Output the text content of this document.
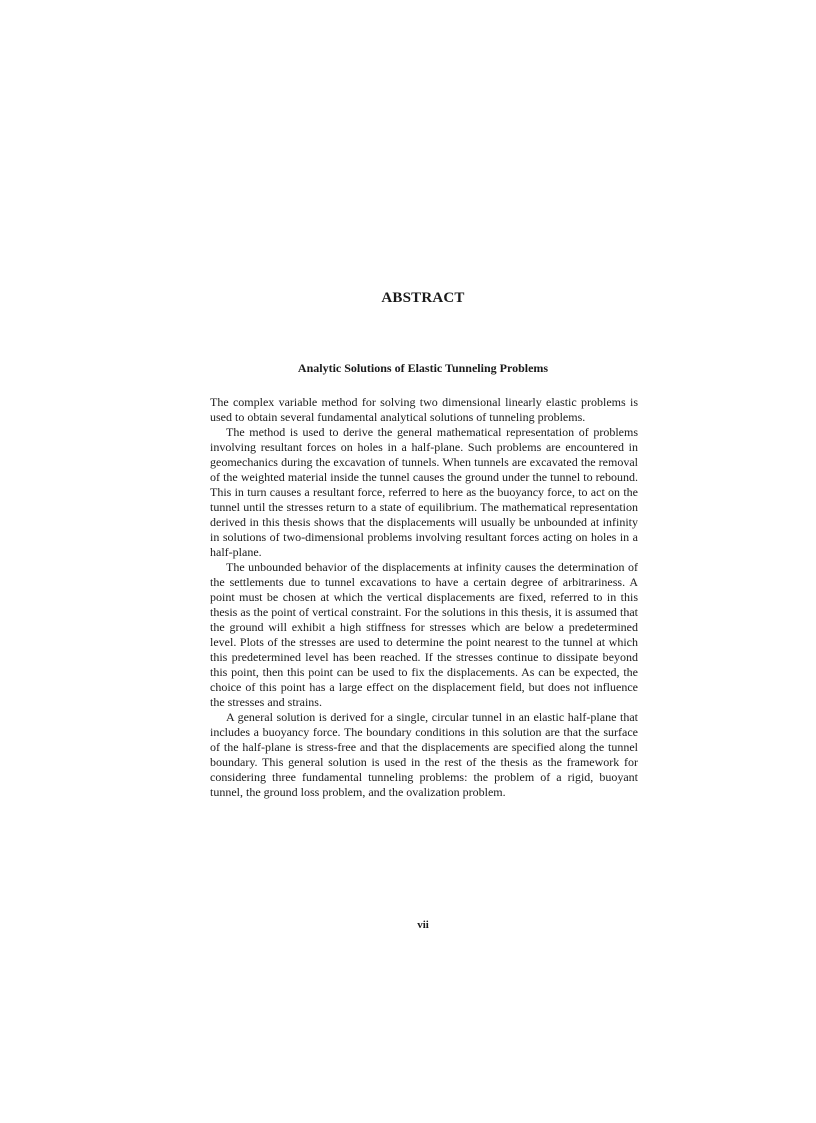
ABSTRACT
Analytic Solutions of Elastic Tunneling Problems

The complex variable method for solving two dimensional linearly elastic problems is used to obtain several fundamental analytical solutions of tunneling problems.

The method is used to derive the general mathematical representation of problems involving resultant forces on holes in a half-plane. Such problems are encountered in geomechanics during the excavation of tunnels. When tunnels are excavated the removal of the weighted material inside the tunnel causes the ground under the tunnel to rebound. This in turn causes a resultant force, referred to here as the buoyancy force, to act on the tunnel until the stresses return to a state of equilibrium. The mathematical representation derived in this thesis shows that the displacements will usually be unbounded at infinity in solutions of two-dimensional problems involving resultant forces acting on holes in a half-plane.

The unbounded behavior of the displacements at infinity causes the determination of the settlements due to tunnel excavations to have a certain degree of arbitrariness. A point must be chosen at which the vertical displacements are fixed, referred to in this thesis as the point of vertical constraint. For the solutions in this thesis, it is assumed that the ground will exhibit a high stiffness for stresses which are below a predetermined level. Plots of the stresses are used to determine the point nearest to the tunnel at which this predetermined level has been reached. If the stresses continue to dissipate beyond this point, then this point can be used to fix the displacements. As can be expected, the choice of this point has a large effect on the displacement field, but does not influence the stresses and strains.

A general solution is derived for a single, circular tunnel in an elastic half-plane that includes a buoyancy force. The boundary conditions in this solution are that the surface of the half-plane is stress-free and that the displacements are specified along the tunnel boundary. This general solution is used in the rest of the thesis as the framework for considering three fundamental tunneling problems: the problem of a rigid, buoyant tunnel, the ground loss problem, and the ovalization problem.

vii
